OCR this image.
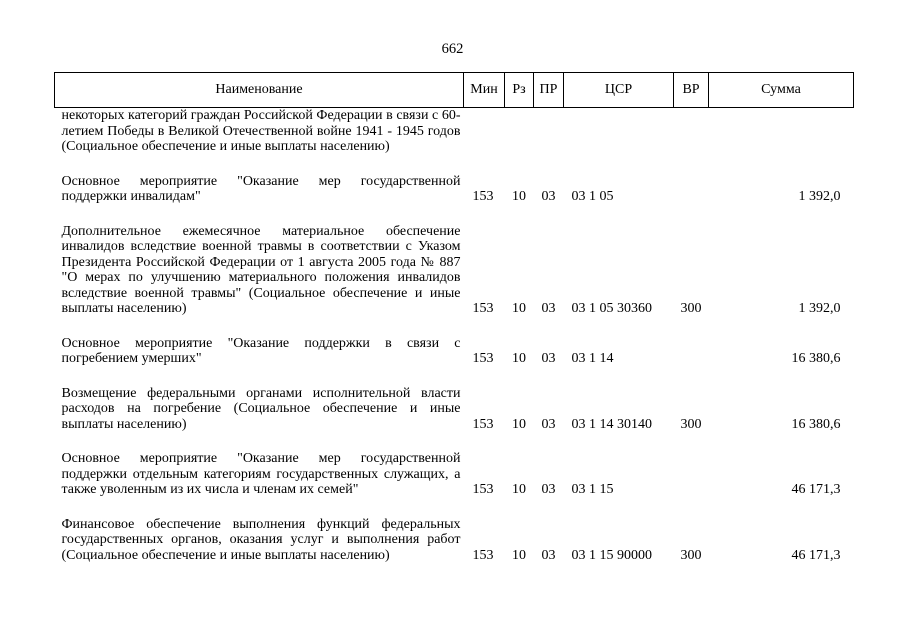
662
Наименование	Мин	Рз	ПР	ЦСР	ВР	Сумма
некоторых категорий граждан Российской Федерации в связи с 60-летием Победы в Великой Отечественной войне 1941 - 1945 годов (Социальное обеспечение и иные выплаты населению)						
Основное мероприятие "Оказание мер государственной поддержки инвалидам"	153	10	03	03 1 05		1 392,0
Дополнительное ежемесячное материальное обеспечение инвалидов вследствие военной травмы в соответствии с Указом Президента Российской Федерации от 1 августа 2005 года № 887 "О мерах по улучшению материального положения инвалидов вследствие военной травмы" (Социальное обеспечение и иные выплаты населению)	153	10	03	03 1 05 30360	300	1 392,0
Основное мероприятие "Оказание поддержки в связи с погребением умерших"	153	10	03	03 1 14		16 380,6
Возмещение федеральными органами исполнительной власти расходов на погребение (Социальное обеспечение и иные выплаты населению)	153	10	03	03 1 14 30140	300	16 380,6
Основное мероприятие "Оказание мер государственной поддержки отдельным категориям государственных служащих, а также уволенным из их числа и членам их семей"	153	10	03	03 1 15		46 171,3
Финансовое обеспечение выполнения функций федеральных государственных органов, оказания услуг и выполнения работ (Социальное обеспечение и иные выплаты населению)	153	10	03	03 1 15 90000	300	46 171,3
